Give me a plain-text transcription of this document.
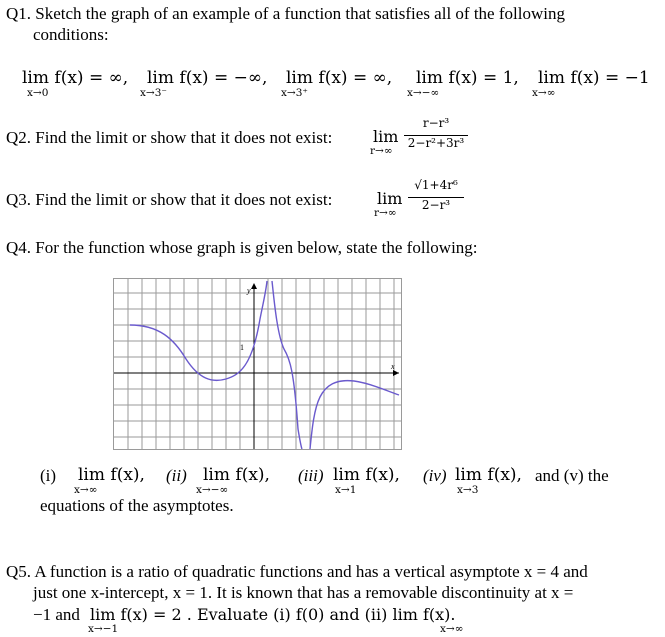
Q1. Sketch the graph of an example of a function that satisfies all of the following
conditions:
lim f(x) = ∞,
x→0
lim f(x) = −∞,
x→3⁻
lim f(x) = ∞,
x→3⁺
lim f(x) = 1,
x→−∞
lim f(x) = −1
x→∞
Q2. Find the limit or show that it does not exist:	lim
r→∞
r−r³
2−r²+3r³
Q3. Find the limit or show that it does not exist:	lim
r→∞
√1+4r⁶
2−r³
Q4. For the function whose graph is given below, state the following:
y
x
1
(i) lim f(x),
x→∞
(ii) lim f(x),
x→−∞
(iii) lim f(x),
x→1
(iv) lim f(x),
x→3
and (v) the
equations of the asymptotes.
Q5. A function is a ratio of quadratic functions and has a vertical asymptote x = 4 and
just one x-intercept, x = 1. It is known that has a removable discontinuity at x =
−1 and lim f(x) = 2 . Evaluate (i) f(0) and (ii) lim f(x).
x→−1	x→∞
